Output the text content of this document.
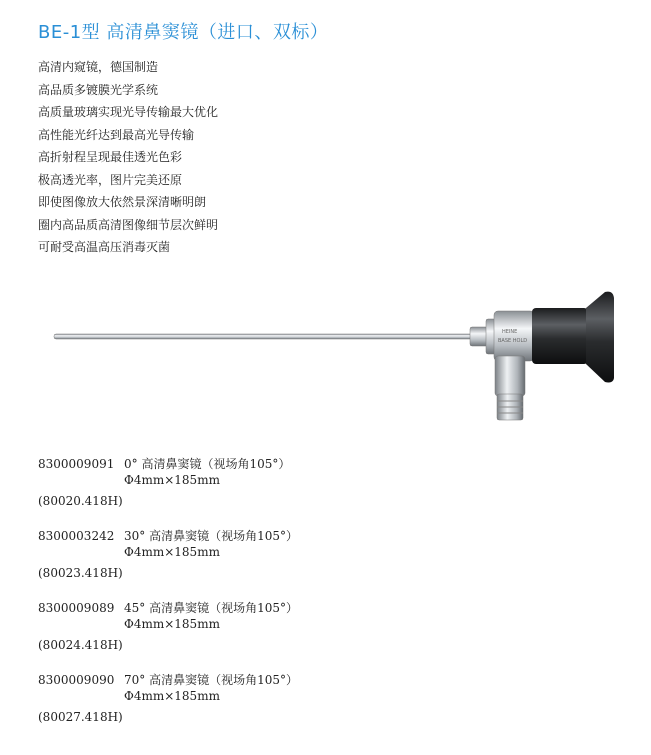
BE-1型 高清鼻窦镜（进口、双标）
高清内窥镜，德国制造
高品质多镀膜光学系统
高质量玻璃实现光导传输最大优化
高性能光纤达到最高光导传输
高折射程呈现最佳透光色彩
极高透光率，图片完美还原
即使图像放大依然景深清晰明朗
圈内高品质高清图像细节层次鲜明
可耐受高温高压消毒灭菌
HEINE
BASE HOLD
8300009091 0° 高清鼻窦镜（视场角105°）
Φ4mm×185mm
(80020.418H)
8300003242 30° 高清鼻窦镜（视场角105°）
Φ4mm×185mm
(80023.418H)
8300009089 45° 高清鼻窦镜（视场角105°）
Φ4mm×185mm
(80024.418H)
8300009090 70° 高清鼻窦镜（视场角105°）
Φ4mm×185mm
(80027.418H)
